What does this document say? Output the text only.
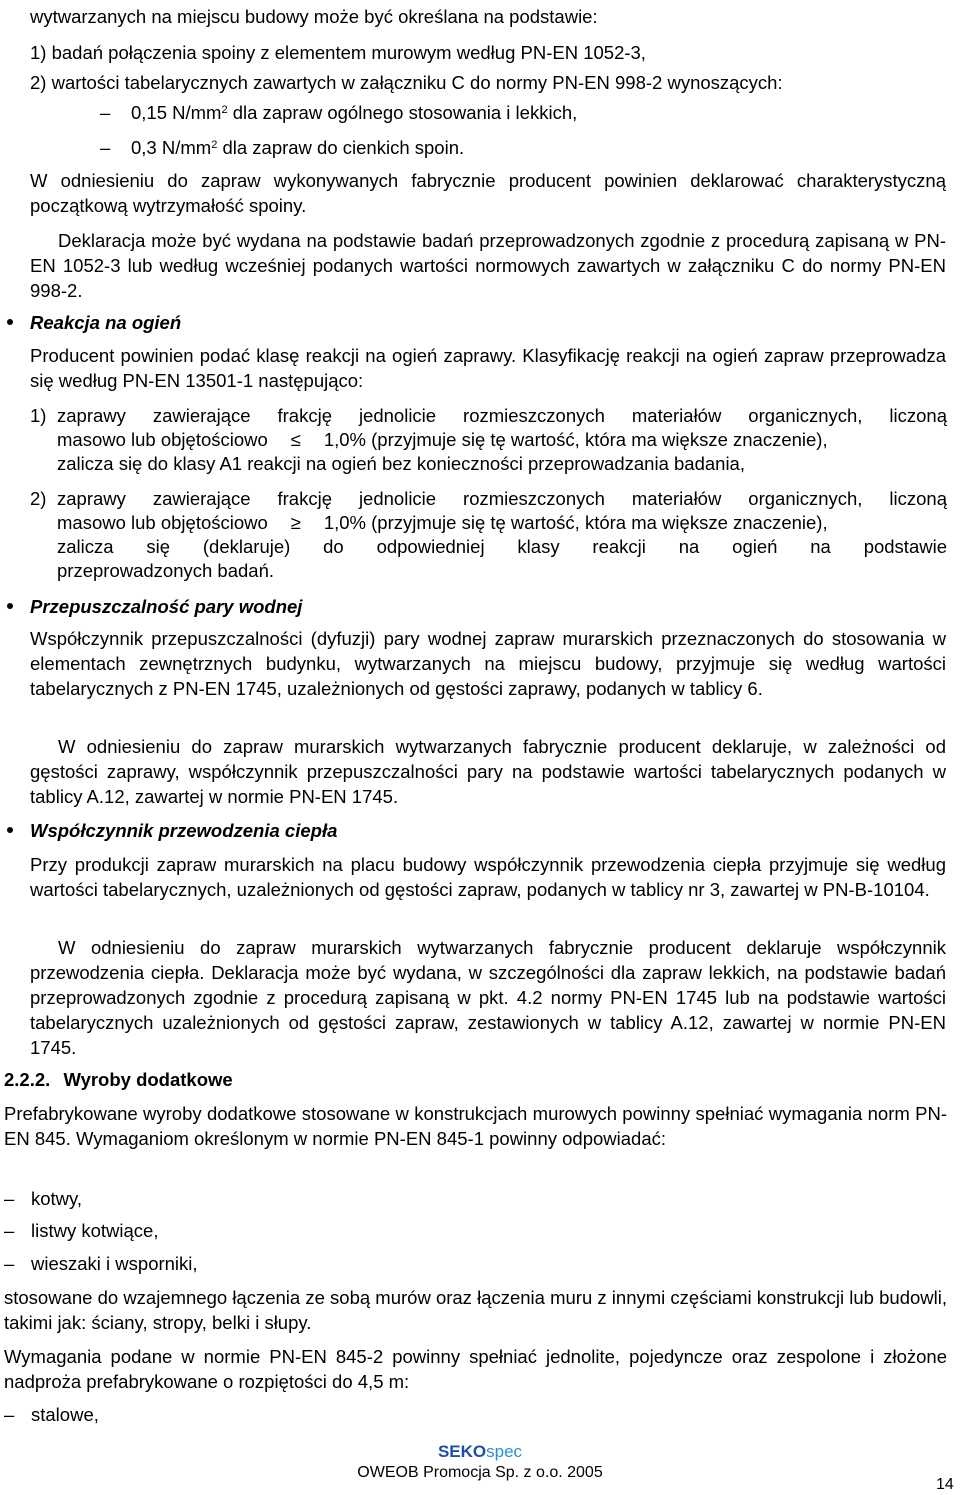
wytwarzanych na miejscu budowy może być określana na podstawie:
1) badań połączenia spoiny z elementem murowym według PN-EN 1052-3,
2) wartości tabelarycznych zawartych w załączniku C do normy PN-EN 998-2 wynoszących:
– 0,15 $N/mm^2$ dla zapraw ogólnego stosowania i lekkich,
– 0,3 $N/mm^2$ dla zapraw do cienkich spoin.
W odniesieniu do zapraw wykonywanych fabrycznie producent powinien deklarować charakterystyczną początkową wytrzymałość spoiny.
Deklaracja może być wydana na podstawie badań przeprowadzonych zgodnie z procedurą zapisaną w PN-EN 1052-3 lub według wcześniej podanych wartości normowych zawartych w załączniku C do normy PN-EN 998-2.
Reakcja na ogień
Producent powinien podać klasę reakcji na ogień zaprawy. Klasyfikację reakcji na ogień zapraw przeprowadza się według PN-EN 13501-1 następująco:
1) zaprawy zawierające frakcję jednolicie rozmieszczonych materiałów organicznych, liczoną
masowo lub objętościowo ≤ 1,0% (przyjmuje się tę wartość, która ma większe znaczenie),
zalicza się do klasy A1 reakcji na ogień bez konieczności przeprowadzania badania,
2) zaprawy zawierające frakcję jednolicie rozmieszczonych materiałów organicznych, liczoną
masowo lub objętościowo ≥ 1,0% (przyjmuje się tę wartość, która ma większe znaczenie),
zalicza się (deklaruje) do odpowiedniej klasy reakcji na ogień na podstawie
przeprowadzonych badań.
Przepuszczalność pary wodnej
Współczynnik przepuszczalności (dyfuzji) pary wodnej zapraw murarskich przeznaczonych do stosowania w elementach zewnętrznych budynku, wytwarzanych na miejscu budowy, przyjmuje się według wartości tabelarycznych z PN-EN 1745, uzależnionych od gęstości zaprawy, podanych w tablicy 6.
W odniesieniu do zapraw murarskich wytwarzanych fabrycznie producent deklaruje, w zależności od gęstości zaprawy, współczynnik przepuszczalności pary na podstawie wartości tabelarycznych podanych w tablicy A.12, zawartej w normie PN-EN 1745.
Współczynnik przewodzenia ciepła
Przy produkcji zapraw murarskich na placu budowy współczynnik przewodzenia ciepła przyjmuje się według wartości tabelarycznych, uzależnionych od gęstości zapraw, podanych w tablicy nr 3, zawartej w PN-B-10104.
W odniesieniu do zapraw murarskich wytwarzanych fabrycznie producent deklaruje współczynnik przewodzenia ciepła. Deklaracja może być wydana, w szczególności dla zapraw lekkich, na podstawie badań przeprowadzonych zgodnie z procedurą zapisaną w pkt. 4.2 normy PN-EN 1745 lub na podstawie wartości tabelarycznych uzależnionych od gęstości zapraw, zestawionych w tablicy A.12, zawartej w normie PN-EN 1745.
2.2.2. Wyroby dodatkowe
Prefabrykowane wyroby dodatkowe stosowane w konstrukcjach murowych powinny spełniać wymagania norm PN-EN 845. Wymaganiom określonym w normie PN-EN 845-1 powinny odpowiadać:
– kotwy,
– listwy kotwiące,
– wieszaki i wsporniki,
stosowane do wzajemnego łączenia ze sobą murów oraz łączenia muru z innymi częściami konstrukcji lub budowli, takimi jak: ściany, stropy, belki i słupy.
Wymagania podane w normie PN-EN 845-2 powinny spełniać jednolite, pojedyncze oraz zespolone i złożone nadproża prefabrykowane o rozpiętości do 4,5 m:
– stalowe,
SEKOspec
OWEOB Promocja Sp. z o.o. 2005
14
